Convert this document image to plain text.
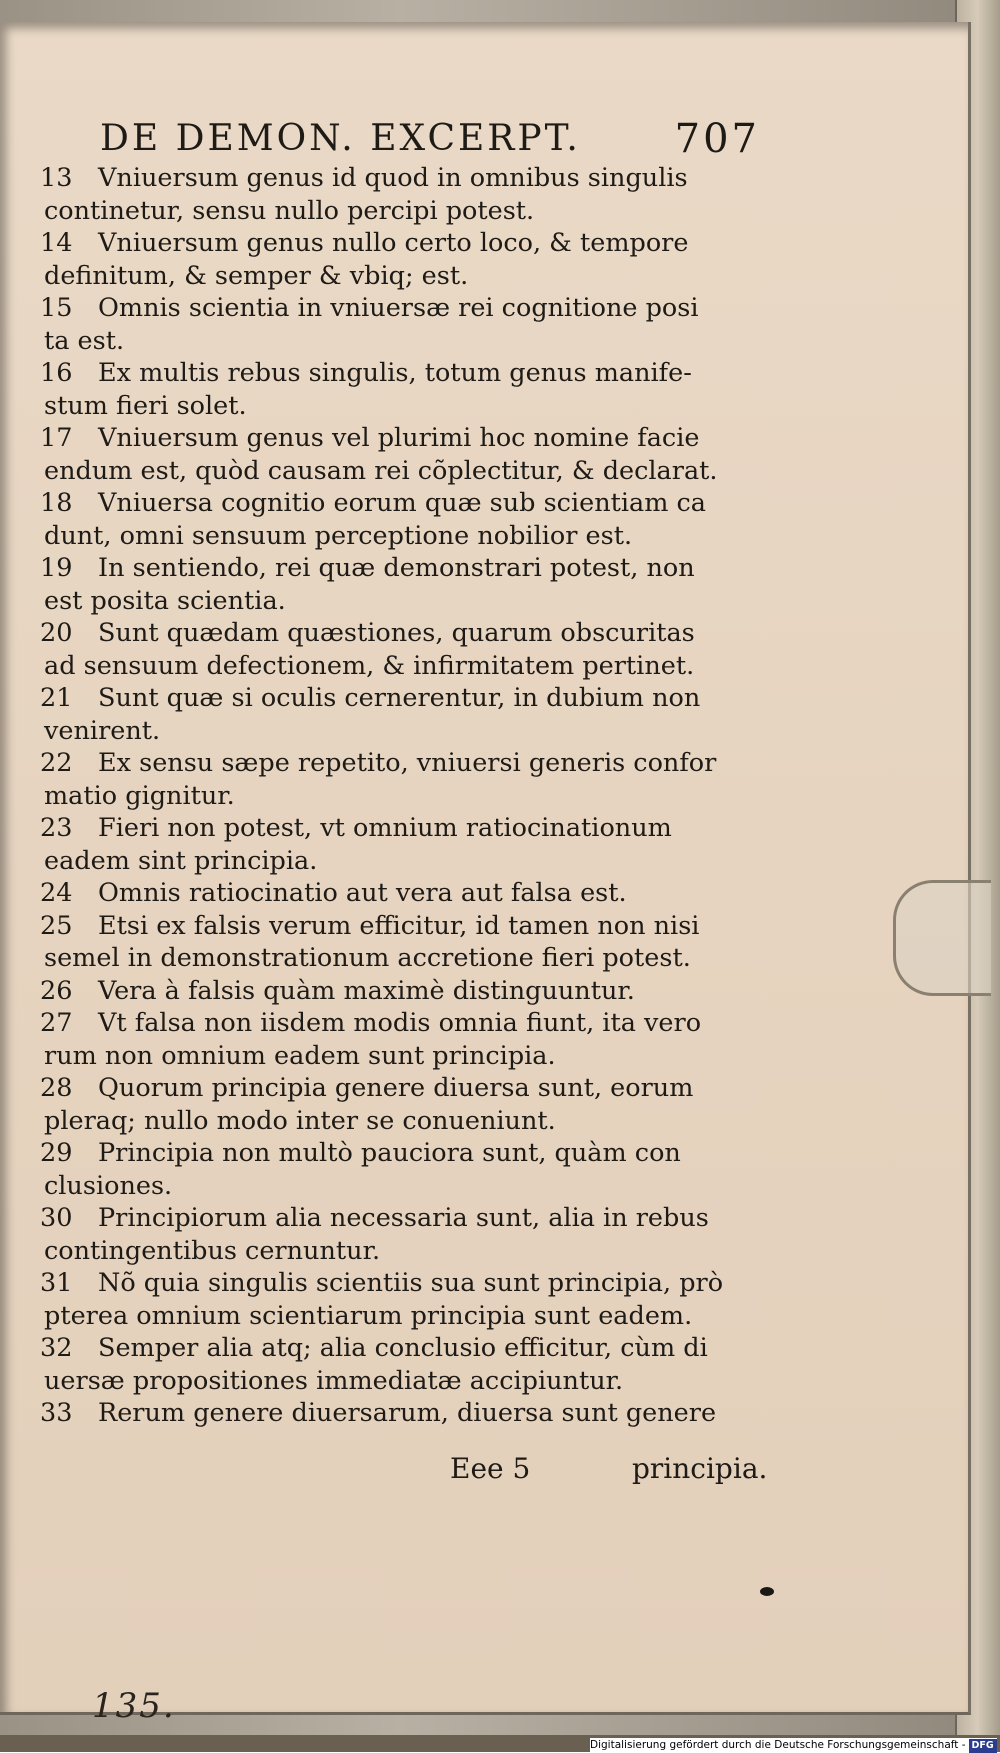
DE DEMON. EXCERPT. 707
13 Vniuersum genus id quod in omnibus singulis
continetur, sensu nullo percipi potest.
14 Vniuersum genus nullo certo loco, & tempore
definitum, & semper & vbiq; est.
15 Omnis scientia in vniuersæ rei cognitione posi
ta est.
16 Ex multis rebus singulis, totum genus manife-
stum fieri solet.
17 Vniuersum genus vel plurimi hoc nomine facie
endum est, quòd causam rei cõplectitur, & declarat.
18 Vniuersa cognitio eorum quæ sub scientiam ca
dunt, omni sensuum perceptione nobilior est.
19 In sentiendo, rei quæ demonstrari potest, non
est posita scientia.
20 Sunt quædam quæstiones, quarum obscuritas
ad sensuum defectionem, & infirmitatem pertinet.
21 Sunt quæ si oculis cernerentur, in dubium non
venirent.
22 Ex sensu sæpe repetito, vniuersi generis confor
matio gignitur.
23 Fieri non potest, vt omnium ratiocinationum
eadem sint principia.
24 Omnis ratiocinatio aut vera aut falsa est.
25 Etsi ex falsis verum efficitur, id tamen non nisi
semel in demonstrationum accretione fieri potest.
26 Vera à falsis quàm maximè distinguuntur.
27 Vt falsa non iisdem modis omnia fiunt, ita vero
rum non omnium eadem sunt principia.
28 Quorum principia genere diuersa sunt, eorum
pleraq; nullo modo inter se conueniunt.
29 Principia non multò pauciora sunt, quàm con
clusiones.
30 Principiorum alia necessaria sunt, alia in rebus
contingentibus cernuntur.
31 Nõ quia singulis scientiis sua sunt principia, prò
pterea omnium scientiarum principia sunt eadem.
32 Semper alia atq; alia conclusio efficitur, cùm di
uersæ propositiones immediatæ accipiuntur.
33 Rerum genere diuersarum, diuersa sunt genere
Eee 5	principia.
135.
Digitalisierung gefördert durch die Deutsche Forschungsgemeinschaft - DFG
